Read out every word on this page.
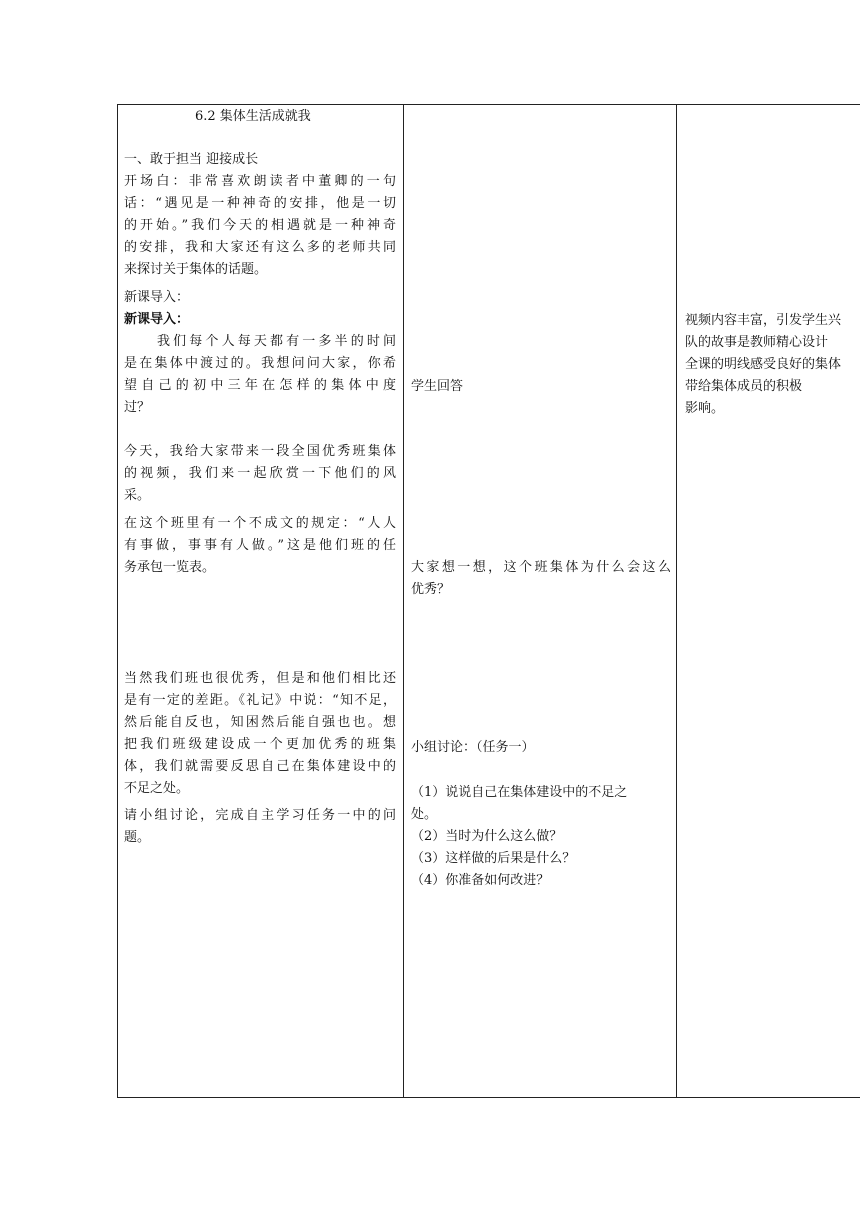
6.2 集体生活成就我
一、敢于担当 迎接成长
开场白：非常喜欢朗读者中董卿的一句
话：“遇见是一种神奇的安排，他是一切
的开始。”我们今天的相遇就是一种神奇
的安排，我和大家还有这么多的老师共同
来探讨关于集体的话题。
新课导入：
新课导入：
我们每个人每天都有一多半的时间
是在集体中渡过的。我想问问大家，你希
望自己的初中三年在怎样的集体中度
过？
今天，我给大家带来一段全国优秀班集体
的视频，我们来一起欣赏一下他们的风
采。
在这个班里有一个不成文的规定：“人人
有事做，事事有人做。”这是他们班的任
务承包一览表。
当然我们班也很优秀，但是和他们相比还
是有一定的差距。《礼记》中说：“知不足，
然后能自反也，知困然后能自强也也。想
把我们班级建设成一个更加优秀的班集
体，我们就需要反思自己在集体建设中的
不足之处。
请小组讨论，完成自主学习任务一中的问
题。
学生回答
大家想一想，这个班集体为什么会这么
优秀？
小组讨论：（任务一）
（1）说说自己在集体建设中的不足之
处。
（2）当时为什么这么做？
（3）这样做的后果是什么？
（4）你准备如何改进？
视频内容丰富，引发学生兴
队的故事是教师精心设计
全课的明线感受良好的集体
带给集体成员的积极
影响。
